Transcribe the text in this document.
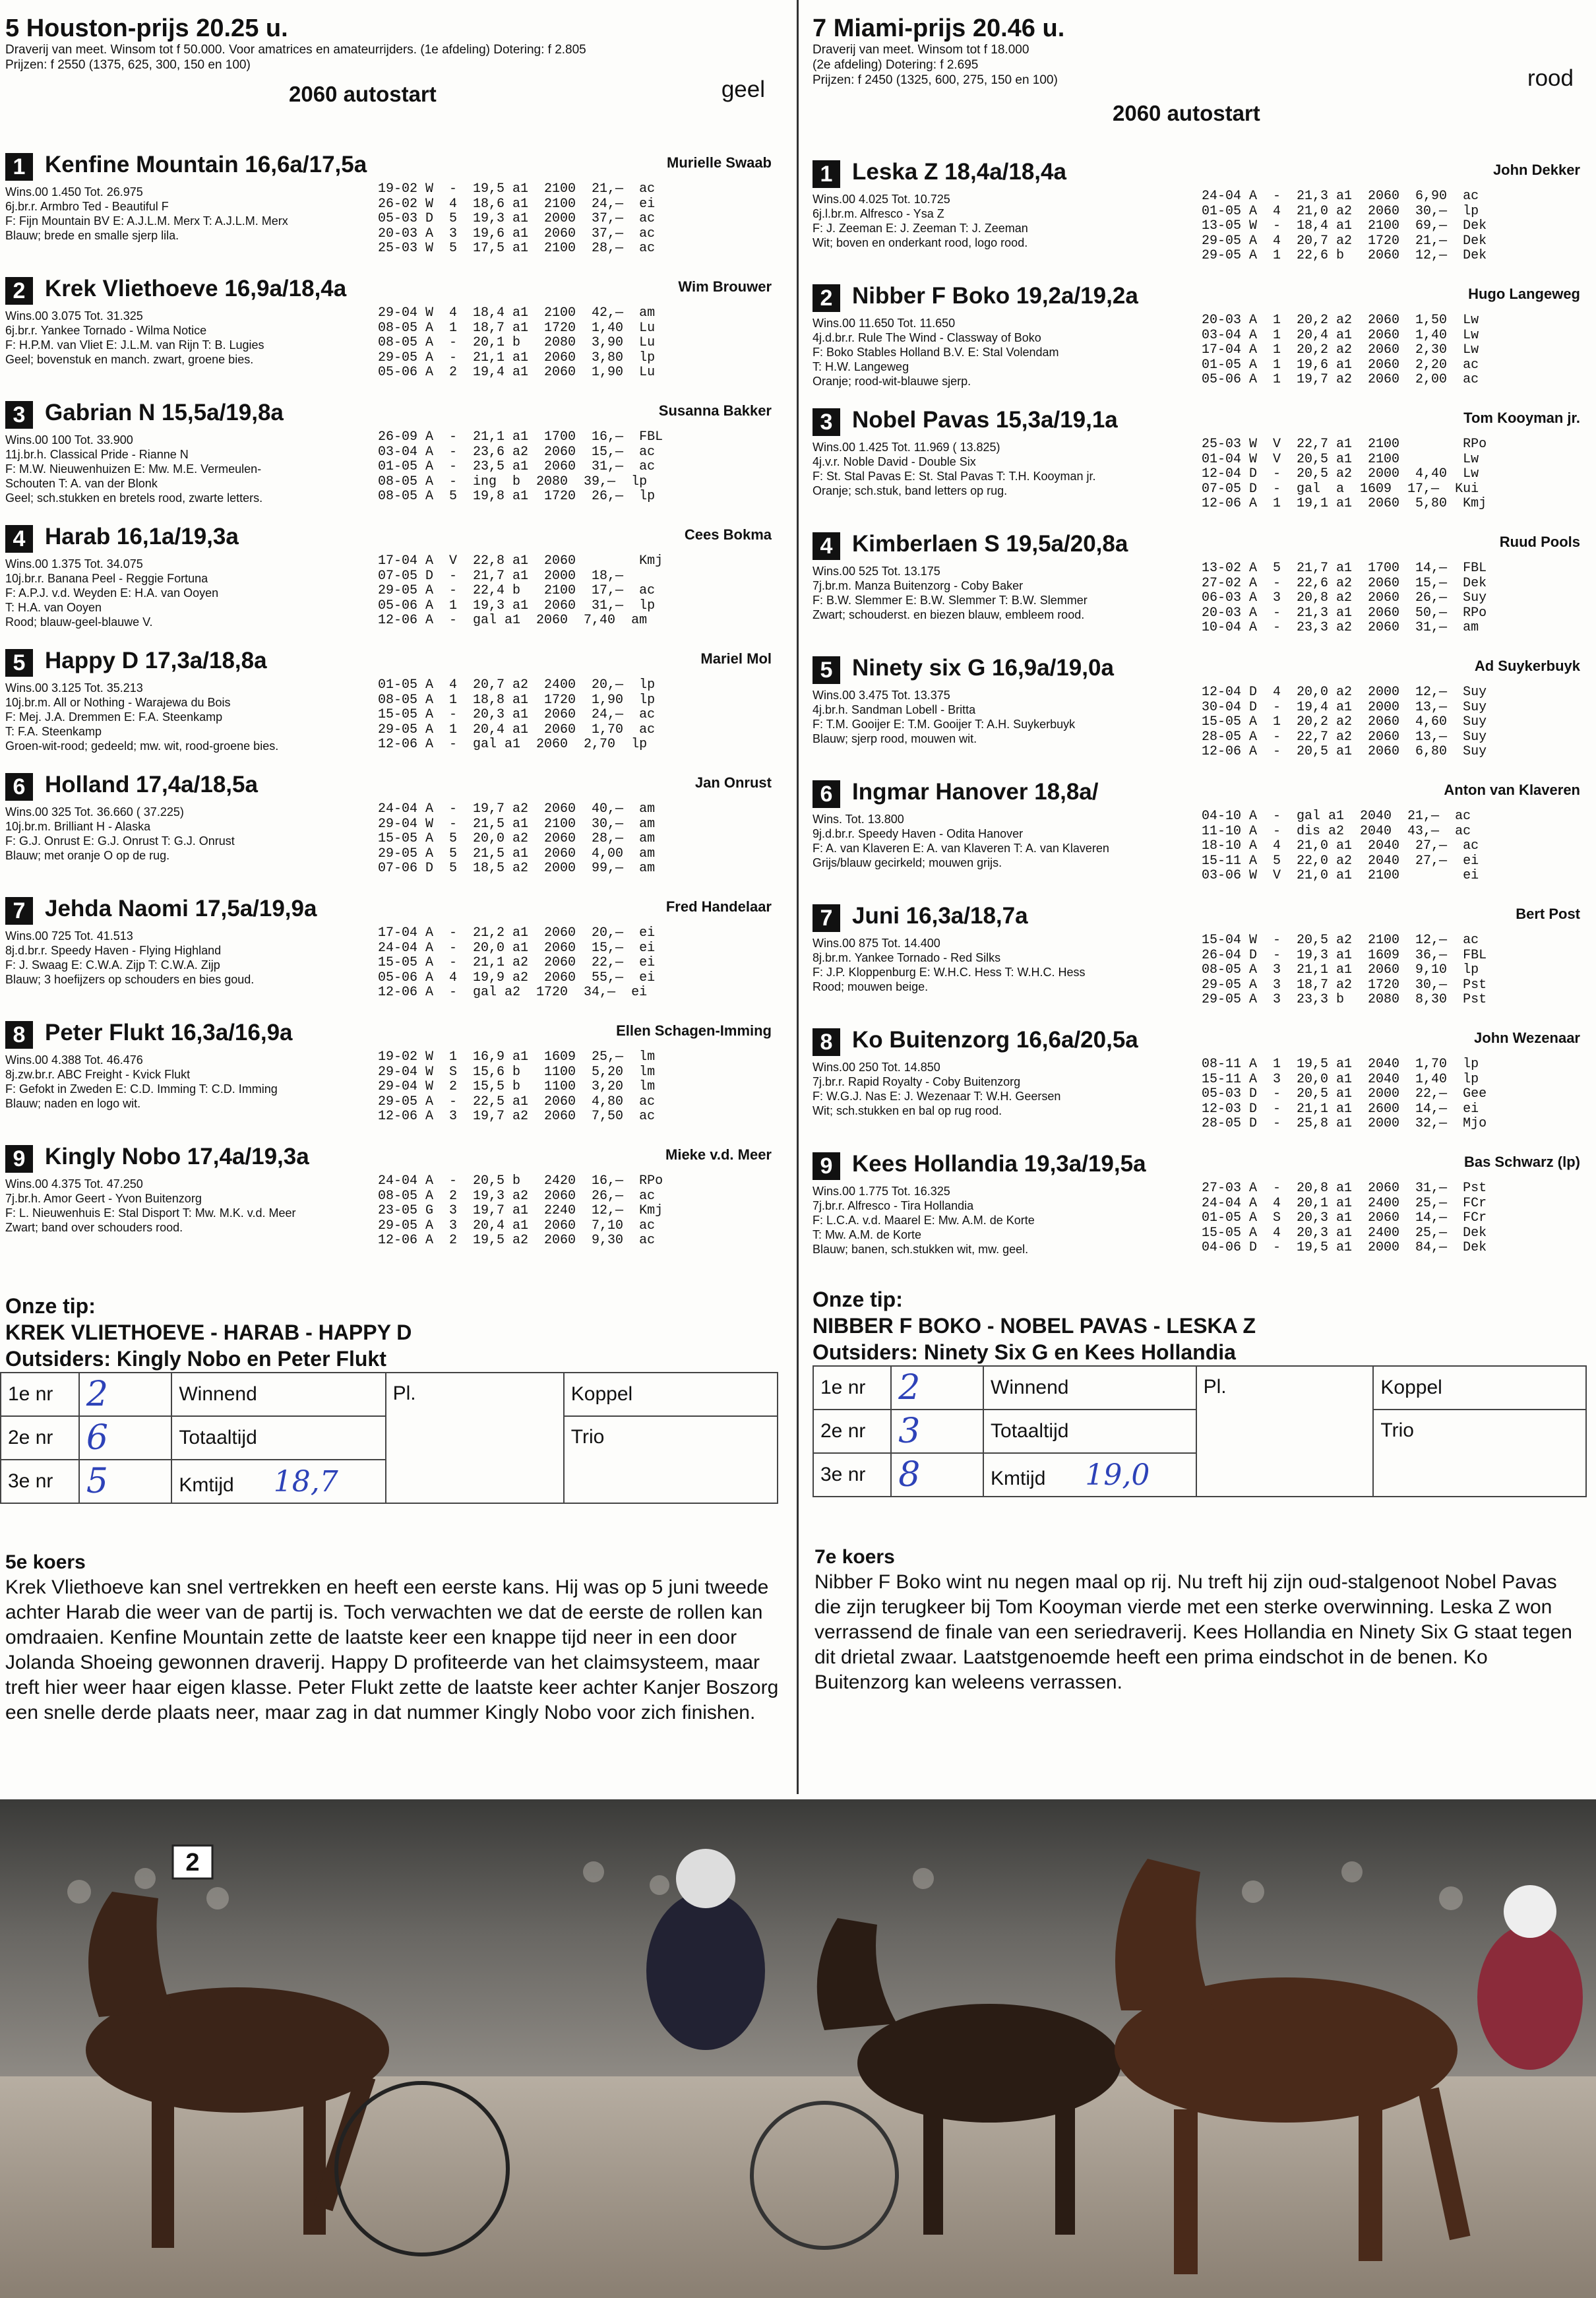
5 Houston-prijs 20.25 u.
Draverij van meet. Winsom tot f 50.000. Voor amatrices en amateurrijders. (1e afdeling) Dotering: f 2.805
Prijzen: f 2550 (1375, 625, 300, 150 en 100)
2060 autostart	geel
1 Kenfine Mountain 16,6a/17,5a	Murielle Swaab
Wins.00 1.450 Tot. 26.975
6j.br.r. Armbro Ted - Beautiful F
F: Fijn Mountain BV E: A.J.L.M. Merx T: A.J.L.M. Merx
Blauw; brede en smalle sjerp lila.
19-02 W  -  19,5 a1  2100  21,—  ac
26-02 W  4  18,6 a1  2100  24,—  ei
05-03 D  5  19,3 a1  2000  37,—  ac
20-03 A  3  19,6 a1  2060  37,—  ac
25-03 W  5  17,5 a1  2100  28,—  ac
2 Krek Vliethoeve 16,9a/18,4a	Wim Brouwer
Wins.00 3.075 Tot. 31.325
6j.br.r. Yankee Tornado - Wilma Notice
F: H.P.M. van Vliet E: J.L.M. van Rijn T: B. Lugies
Geel; bovenstuk en manch. zwart, groene bies.
29-04 W  4  18,4 a1  2100  42,—  am
08-05 A  1  18,7 a1  1720  1,40  Lu
08-05 A  -  20,1 b   2080  3,90  Lu
29-05 A  -  21,1 a1  2060  3,80  lp
05-06 A  2  19,4 a1  2060  1,90  Lu
3 Gabrian N 15,5a/19,8a	Susanna Bakker
Wins.00 100 Tot. 33.900
11j.br.h. Classical Pride - Rianne N
F: M.W. Nieuwenhuizen E: Mw. M.E. Vermeulen-
Schouten T: A. van der Blonk
Geel; sch.stukken en bretels rood, zwarte letters.
26-09 A  -  21,1 a1  1700  16,—  FBL
03-04 A  -  23,6 a2  2060  15,—  ac
01-05 A  -  23,5 a1  2060  31,—  ac
08-05 A  -  ing  b  2080  39,—  lp
08-05 A  5  19,8 a1  1720  26,—  lp
4 Harab 16,1a/19,3a	Cees Bokma
Wins.00 1.375 Tot. 34.075
10j.br.r. Banana Peel - Reggie Fortuna
F: A.P.J. v.d. Weyden E: H.A. van Ooyen
T: H.A. van Ooyen
Rood; blauw-geel-blauwe V.
17-04 A  V  22,8 a1  2060        Kmj
07-05 D  -  21,7 a1  2000  18,—
29-05 A  -  22,4 b   2100  17,—  ac
05-06 A  1  19,3 a1  2060  31,—  lp
12-06 A  -  gal a1  2060  7,40  am
5 Happy D 17,3a/18,8a	Mariel Mol
Wins.00 3.125 Tot. 35.213
10j.br.m. All or Nothing - Warajewa du Bois
F: Mej. J.A. Dremmen E: F.A. Steenkamp
T: F.A. Steenkamp
Groen-wit-rood; gedeeld; mw. wit, rood-groene bies.
01-05 A  4  20,7 a2  2400  20,—  lp
08-05 A  1  18,8 a1  1720  1,90  lp
15-05 A  -  20,3 a1  2060  24,—  ac
29-05 A  1  20,4 a1  2060  1,70  ac
12-06 A  -  gal a1  2060  2,70  lp
6 Holland 17,4a/18,5a	Jan Onrust
Wins.00 325 Tot. 36.660 ( 37.225)
10j.br.m. Brilliant H - Alaska
F: G.J. Onrust E: G.J. Onrust T: G.J. Onrust
Blauw; met oranje O op de rug.
24-04 A  -  19,7 a2  2060  40,—  am
29-04 W  -  21,5 a1  2100  30,—  am
15-05 A  5  20,0 a2  2060  28,—  am
29-05 A  5  21,5 a1  2060  4,00  am
07-06 D  5  18,5 a2  2000  99,—  am
7 Jehda Naomi 17,5a/19,9a	Fred Handelaar
Wins.00 725 Tot. 41.513
8j.d.br.r. Speedy Haven - Flying Highland
F: J. Swaag E: C.W.A. Zijp T: C.W.A. Zijp
Blauw; 3 hoefijzers op schouders en bies goud.
17-04 A  -  21,2 a1  2060  20,—  ei
24-04 A  -  20,0 a1  2060  15,—  ei
15-05 A  -  21,1 a2  2060  22,—  ei
05-06 A  4  19,9 a2  2060  55,—  ei
12-06 A  -  gal a2  1720  34,—  ei
8 Peter Flukt 16,3a/16,9a	Ellen Schagen-Imming
Wins.00 4.388 Tot. 46.476
8j.zw.br.r. ABC Freight - Kvick Flukt
F: Gefokt in Zweden E: C.D. Imming T: C.D. Imming
Blauw; naden en logo wit.
19-02 W  1  16,9 a1  1609  25,—  lm
29-04 W  S  15,6 b   1100  5,20  lm
29-04 W  2  15,5 b   1100  3,20  lm
29-05 A  -  22,5 a1  2060  4,80  ac
12-06 A  3  19,7 a2  2060  7,50  ac
9 Kingly Nobo 17,4a/19,3a	Mieke v.d. Meer
Wins.00 4.375 Tot. 47.250
7j.br.h. Amor Geert - Yvon Buitenzorg
F: L. Nieuwenhuis E: Stal Disport T: Mw. M.K. v.d. Meer
Zwart; band over schouders rood.
24-04 A  -  20,5 b   2420  16,—  RPo
08-05 A  2  19,3 a2  2060  26,—  ac
23-05 G  3  19,7 a1  2240  12,—  Kmj
29-05 A  3  20,4 a1  2060  7,10  ac
12-06 A  2  19,5 a2  2060  9,30  ac
7 Miami-prijs 20.46 u.
Draverij van meet. Winsom tot f 18.000
(2e afdeling) Dotering: f 2.695
Prijzen: f 2450 (1325, 600, 275, 150 en 100)
2060 autostart
rood
1 Leska Z 18,4a/18,4a	John Dekker
Wins.00 4.025 Tot. 10.725
6j.l.br.m. Alfresco - Ysa Z
F: J. Zeeman E: J. Zeeman T: J. Zeeman
Wit; boven en onderkant rood, logo rood.
24-04 A  -  21,3 a1  2060  6,90  ac
01-05 A  4  21,0 a2  2060  30,—  lp
13-05 W  -  18,4 a1  2100  69,—  Dek
29-05 A  4  20,7 a2  1720  21,—  Dek
29-05 A  1  22,6 b   2060  12,—  Dek
2 Nibber F Boko 19,2a/19,2a	Hugo Langeweg
Wins.00 11.650 Tot. 11.650
4j.d.br.r. Rule The Wind - Classway of Boko
F: Boko Stables Holland B.V. E: Stal Volendam
T: H.W. Langeweg
Oranje; rood-wit-blauwe sjerp.
20-03 A  1  20,2 a2  2060  1,50  Lw
03-04 A  1  20,4 a1  2060  1,40  Lw
17-04 A  1  20,2 a2  2060  2,30  Lw
01-05 A  1  19,6 a1  2060  2,20  ac
05-06 A  1  19,7 a2  2060  2,00  ac
3 Nobel Pavas 15,3a/19,1a	Tom Kooyman jr.
Wins.00 1.425 Tot. 11.969 ( 13.825)
4j.v.r. Noble David - Double Six
F: St. Stal Pavas E: St. Stal Pavas T: T.H. Kooyman jr.
Oranje; sch.stuk, band letters op rug.
25-03 W  V  22,7 a1  2100        RPo
01-04 W  V  20,5 a1  2100        Lw
12-04 D  -  20,5 a2  2000  4,40  Lw
07-05 D  -  gal  a  1609  17,—  Kui
12-06 A  1  19,1 a1  2060  5,80  Kmj
4 Kimberlaen S 19,5a/20,8a	Ruud Pools
Wins.00 525 Tot. 13.175
7j.br.m. Manza Buitenzorg - Coby Baker
F: B.W. Slemmer E: B.W. Slemmer T: B.W. Slemmer
Zwart; schouderst. en biezen blauw, embleem rood.
13-02 A  5  21,7 a1  1700  14,—  FBL
27-02 A  -  22,6 a2  2060  15,—  Dek
06-03 A  3  20,8 a2  2060  26,—  Suy
20-03 A  -  21,3 a1  2060  50,—  RPo
10-04 A  -  23,3 a2  2060  31,—  am
5 Ninety six G 16,9a/19,0a	Ad Suykerbuyk
Wins.00 3.475 Tot. 13.375
4j.br.h. Sandman Lobell - Britta
F: T.M. Gooijer E: T.M. Gooijer T: A.H. Suykerbuyk
Blauw; sjerp rood, mouwen wit.
12-04 D  4  20,0 a2  2000  12,—  Suy
30-04 D  -  19,4 a1  2000  13,—  Suy
15-05 A  1  20,2 a2  2060  4,60  Suy
28-05 A  -  22,7 a2  2060  13,—  Suy
12-06 A  -  20,5 a1  2060  6,80  Suy
6 Ingmar Hanover 18,8a/	Anton van Klaveren
Wins. Tot. 13.800
9j.d.br.r. Speedy Haven - Odita Hanover
F: A. van Klaveren E: A. van Klaveren T: A. van Klaveren
Grijs/blauw gecirkeld; mouwen grijs.
04-10 A  -  gal a1  2040  21,—  ac
11-10 A  -  dis a2  2040  43,—  ac
18-10 A  4  21,0 a1  2040  27,—  ac
15-11 A  5  22,0 a2  2040  27,—  ei
03-06 W  V  21,0 a1  2100        ei
7 Juni 16,3a/18,7a	Bert Post
Wins.00 875 Tot. 14.400
8j.br.m. Yankee Tornado - Red Silks
F: J.P. Kloppenburg E: W.H.C. Hess T: W.H.C. Hess
Rood; mouwen beige.
15-04 W  -  20,5 a2  2100  12,—  ac
26-04 D  -  19,3 a1  1609  36,—  FBL
08-05 A  3  21,1 a1  2060  9,10  lp
29-05 A  3  18,7 a2  1720  30,—  Pst
29-05 A  3  23,3 b   2080  8,30  Pst
8 Ko Buitenzorg 16,6a/20,5a	John Wezenaar
Wins.00 250 Tot. 14.850
7j.br.r. Rapid Royalty - Coby Buitenzorg
F: W.G.J. Nas E: J. Wezenaar T: W.H. Geersen
Wit; sch.stukken en bal op rug rood.
08-11 A  1  19,5 a1  2040  1,70  lp
15-11 A  3  20,0 a1  2040  1,40  lp
05-03 D  -  20,5 a1  2000  22,—  Gee
12-03 D  -  21,1 a1  2600  14,—  ei
28-05 D  -  25,8 a1  2000  32,—  Mjo
9 Kees Hollandia 19,3a/19,5a	Bas Schwarz (lp)
Wins.00 1.775 Tot. 16.325
7j.br.r. Alfresco - Tira Hollandia
F: L.C.A. v.d. Maarel E: Mw. A.M. de Korte
T: Mw. A.M. de Korte
Blauw; banen, sch.stukken wit, mw. geel.
27-03 A  -  20,8 a1  2060  31,—  Pst
24-04 A  4  20,1 a1  2400  25,—  FCr
01-05 A  S  20,3 a1  2060  14,—  FCr
15-05 A  4  20,3 a1  2400  25,—  Dek
04-06 D  -  19,5 a1  2000  84,—  Dek
Onze tip:
KREK VLIETHOEVE - HARAB - HAPPY D
Outsiders: Kingly Nobo en Peter Flukt
1e nr	2	Winnend	Pl.	Koppel
2e nr	6	Totaaltijd		Trio
3e nr	5	Kmtijd 18,7		
Onze tip:
NIBBER F BOKO - NOBEL PAVAS - LESKA Z
Outsiders: Ninety Six G en Kees Hollandia
1e nr	2	Winnend	Pl.	Koppel
2e nr	3	Totaaltijd		Trio
3e nr	8	Kmtijd 19,0		
5e koers

Krek Vliethoeve kan snel vertrekken en heeft een eerste kans. Hij was op 5 juni tweede achter Harab die weer van de partij is. Toch verwachten we dat de eerste de rollen kan omdraaien. Kenfine Mountain zette de laatste keer een knappe tijd neer in een door Jolanda Shoeing gewonnen draverij. Happy D profiteerde van het claimsysteem, maar treft hier weer haar eigen klasse. Peter Flukt zette de laatste keer achter Kanjer Boszorg een snelle derde plaats neer, maar zag in dat nummer Kingly Nobo voor zich finishen.

7e koers

Nibber F Boko wint nu negen maal op rij. Nu treft hij zijn oud-stalgenoot Nobel Pavas die zijn terugkeer bij Tom Kooyman vierde met een sterke overwinning. Leska Z won verrassend de finale van een seriedraverij. Kees Hollandia en Ninety Six G staat tegen dit drietal zwaar. Laatstgenoemde heeft een prima eindschot in de benen. Ko Buitenzorg kan weleens verrassen.

2
